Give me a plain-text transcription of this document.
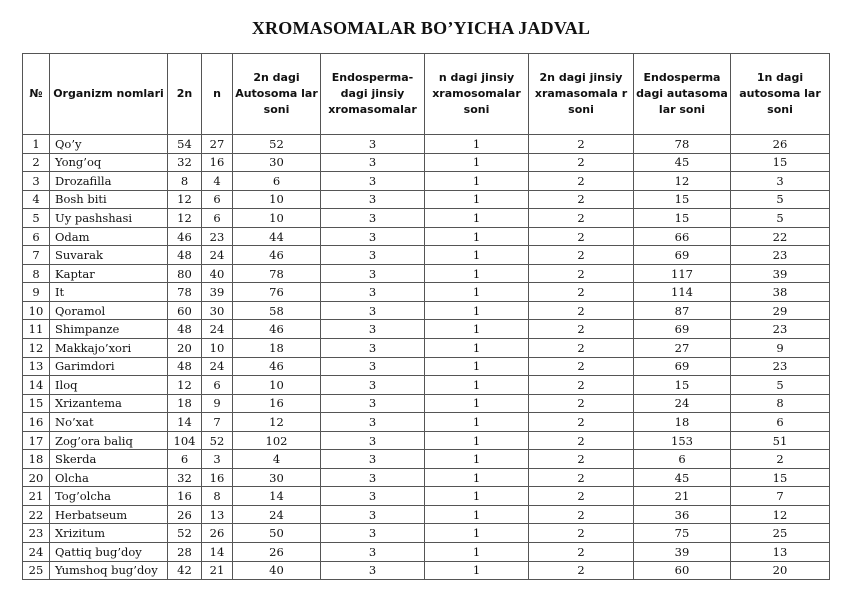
XROMASOMALAR BO’YICHA JADVAL
№	Organizm nomlari	2n	n	2n dagi Autosoma lar soni	Endosperma-dagi jinsiy xromasomalar	n dagi jinsiy xramosomalar soni	2n dagi jinsiy xramasomala r soni	Endosperma dagi autasoma lar soni	1n dagi autosoma lar soni
1	Qo’y	54	27	52	3	1	2	78	26
2	Yong’oq	32	16	30	3	1	2	45	15
3	Drozafilla	8	4	6	3	1	2	12	3
4	Bosh biti	12	6	10	3	1	2	15	5
5	Uy pashshasi	12	6	10	3	1	2	15	5
6	Odam	46	23	44	3	1	2	66	22
7	Suvarak	48	24	46	3	1	2	69	23
8	Kaptar	80	40	78	3	1	2	117	39
9	It	78	39	76	3	1	2	114	38
10	Qoramol	60	30	58	3	1	2	87	29
11	Shimpanze	48	24	46	3	1	2	69	23
12	Makkajo’xori	20	10	18	3	1	2	27	9
13	Garimdori	48	24	46	3	1	2	69	23
14	Iloq	12	6	10	3	1	2	15	5
15	Xrizantema	18	9	16	3	1	2	24	8
16	No’xat	14	7	12	3	1	2	18	6
17	Zog’ora baliq	104	52	102	3	1	2	153	51
18	Skerda	6	3	4	3	1	2	6	2
20	Olcha	32	16	30	3	1	2	45	15
21	Tog’olcha	16	8	14	3	1	2	21	7
22	Herbatseum	26	13	24	3	1	2	36	12
23	Xrizitum	52	26	50	3	1	2	75	25
24	Qattiq bug’doy	28	14	26	3	1	2	39	13
25	Yumshoq bug’doy	42	21	40	3	1	2	60	20
